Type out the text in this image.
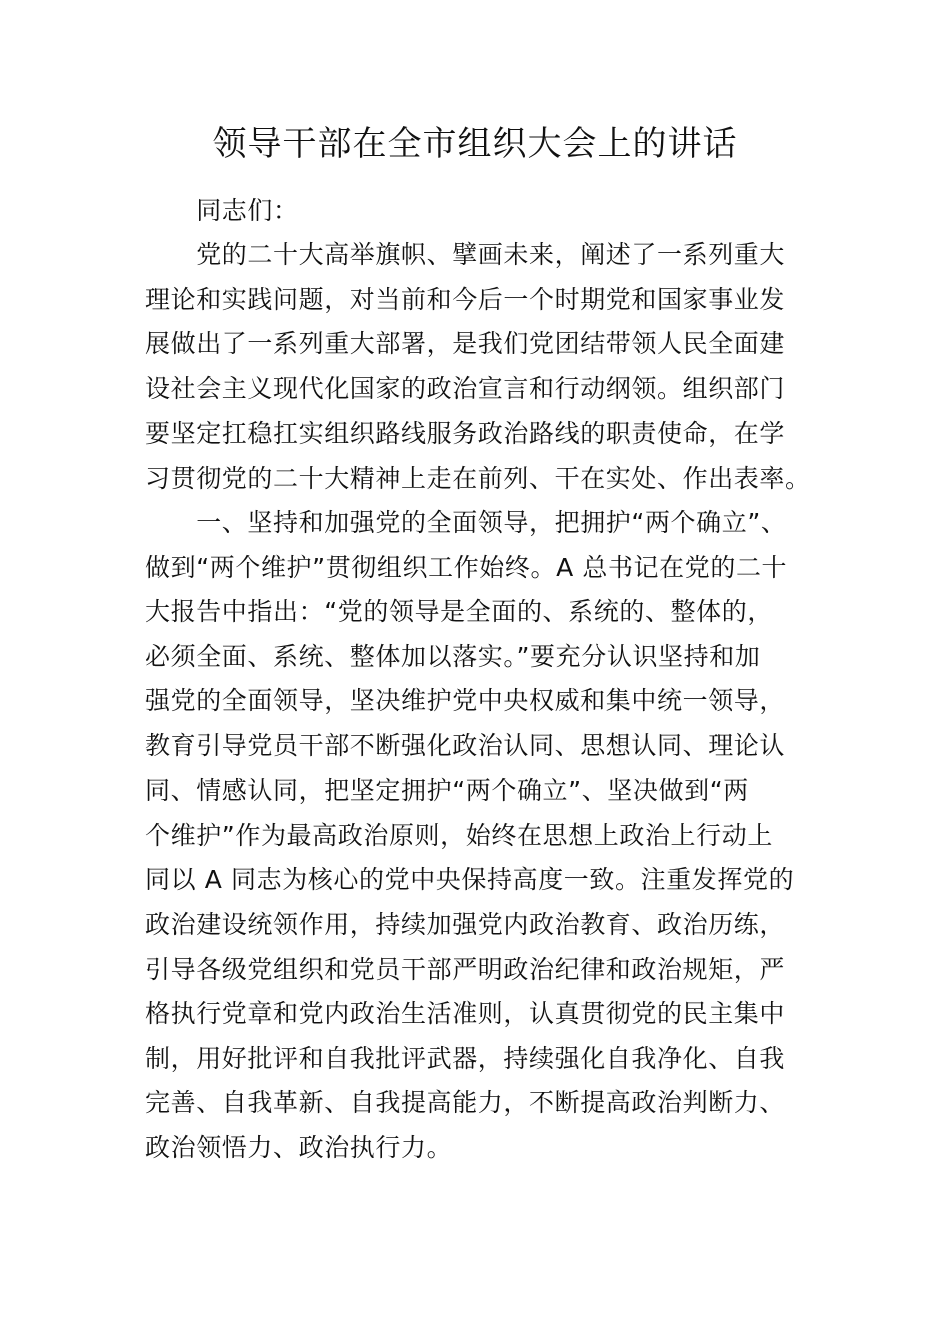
领导干部在全市组织大会上的讲话
　　同志们：
　　党的二十大高举旗帜、擘画未来，阐述了一系列重大
理论和实践问题，对当前和今后一个时期党和国家事业发
展做出了一系列重大部署，是我们党团结带领人民全面建
设社会主义现代化国家的政治宣言和行动纲领。组织部门
要坚定扛稳扛实组织路线服务政治路线的职责使命，在学
习贯彻党的二十大精神上走在前列、干在实处、作出表率。
　　一、坚持和加强党的全面领导，把拥护“两个确立”、
做到“两个维护”贯彻组织工作始终。A 总书记在党的二十
大报告中指出：“党的领导是全面的、系统的、整体的，
必须全面、系统、整体加以落实。”要充分认识坚持和加
强党的全面领导，坚决维护党中央权威和集中统一领导，
教育引导党员干部不断强化政治认同、思想认同、理论认
同、情感认同，把坚定拥护“两个确立”、坚决做到“两
个维护”作为最高政治原则，始终在思想上政治上行动上
同以 A 同志为核心的党中央保持高度一致。注重发挥党的
政治建设统领作用，持续加强党内政治教育、政治历练，
引导各级党组织和党员干部严明政治纪律和政治规矩，严
格执行党章和党内政治生活准则，认真贯彻党的民主集中
制，用好批评和自我批评武器，持续强化自我净化、自我
完善、自我革新、自我提高能力，不断提高政治判断力、
政治领悟力、政治执行力。
